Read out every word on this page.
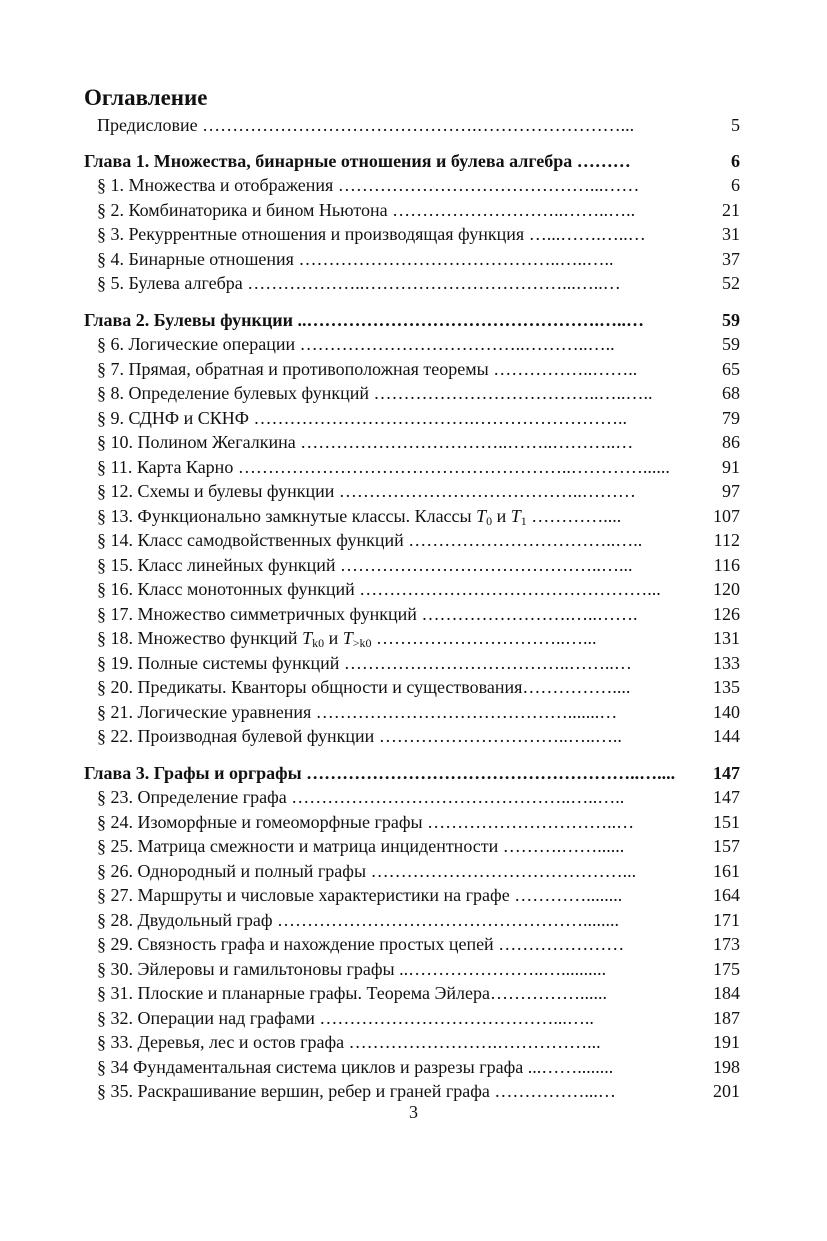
Оглавление
Предисловие ……………………………………….……………………...	5
Глава 1. Множества, бинарные отношения и булева алгебра ………	6
§ 1. Множества и отображения ……………………………………...……	6
§ 2. Комбинаторика и бином Ньютона ………………………..……..…..	21
§ 3. Рекуррентные отношения и производящая функция …...…….…..…	31
§ 4. Бинарные отношения ……………………………………..…..…..	37
§ 5. Булева алгебра ………………..……………………………...…..…	52
Глава 2. Булевы функции ..………………………………………….…..…	59
§ 6. Логические операции ………………………………..………..…..	59
§ 7. Прямая, обратная и противоположная теоремы ……………..……..	65
§ 8. Определение булевых функций ………………………………..…..…..	68
§ 9. СДНФ и СКНФ ……………………………….……………………..	79
§ 10. Полином Жегалкина ……………………………..……..………..…	86
§ 11. Карта Карно ………………………………………………..…………......	91
§ 12. Схемы и булевы функции …………………………………..………	97
§ 13. Функционально замкнутые классы. Классы $T_0$ и $T_1$ …………....	107
§ 14. Класс самодвойственных функций ……………………………..…..	112
§ 15. Класс линейных функций ……………………………………..…...	116
§ 16. Класс монотонных функций …………………………………………...	120
§ 17. Множество симметричных функций …………………….…..…….	126
§ 18. Множество функций $T_{k0}$ и $T_{>k0}$ …………………………..…...	131
§ 19. Полные системы функций ………………………………..……..…	133
§ 20. Предикаты. Кванторы общности и существования……………....	135
§ 21. Логические уравнения …………………………………….......…	140
§ 22. Производная булевой функции …………………………..…..…..	144
Глава 3. Графы и орграфы ………………………………………………..….... 147
§ 23. Определение графа ………………………………………..…..…..	147
§ 24. Изоморфные и гомеоморфные графы …………………………..…	151
§ 25. Матрица смежности и матрица инцидентности ……….……......	157
§ 26. Однородный и полный графы ……………………………………...	161
§ 27. Маршруты и числовые характеристики на графе …………........	164
§ 28. Двудольный граф ……………………………………………........	171
§ 29. Связность графа и нахождение простых цепей …………………	173
§ 30. Эйлеровы и гамильтоновы графы ..…………………..…..........	175
§ 31. Плоские и планарные графы. Теорема Эйлера……………......	184
§ 32. Операции над графами …………………………………...…..	187
§ 33. Деревья, лес и остов графа …………………….……………...	191
§ 34 Фундаментальная система циклов и разрезы графа ...……........	198
§ 35. Раскрашивание вершин, ребер и граней графа ……………...…	201
3
